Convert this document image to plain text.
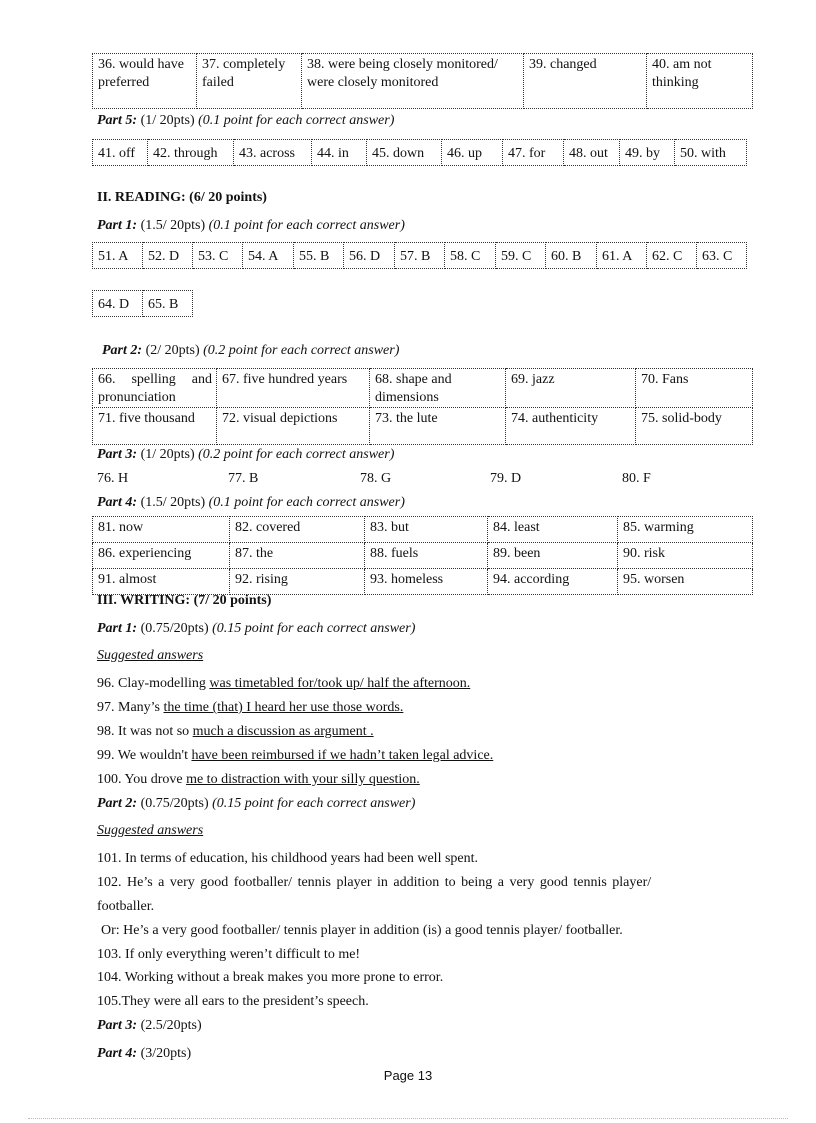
36. would have preferred	37. completely failed	38. were being closely monitored/ were closely monitored	39. changed	40. am not thinking
Part 5: (1/ 20pts) (0.1 point for each correct answer)
41. off	42. through	43. across	44. in	45. down	46. up	47. for	48. out	49. by	50. with
II. READING: (6/ 20 points)
Part 1: (1.5/ 20pts) (0.1 point for each correct answer)
51. A	52. D	53. C	54. A	55. B	56. D	57. B	58. C	59. C	60. B	61. A	62. C	63. C
64. D	65. B
Part 2: (2/ 20pts) (0.2 point for each correct answer)
66. spelling and pronunciation	67. five hundred years	68. shape and dimensions	69. jazz	70. Fans
71. five thousand	72. visual depictions	73. the lute	74. authenticity	75. solid-body
Part 3: (1/ 20pts) (0.2 point for each correct answer)
76. H	77. B	78. G	79. D	80. F
Part 4: (1.5/ 20pts) (0.1 point for each correct answer)
81. now	82. covered	83. but	84. least	85. warming
86. experiencing	87. the	88. fuels	89. been	90. risk
91. almost	92. rising	93. homeless	94. according	95. worsen
III. WRITING: (7/ 20 points)
Part 1: (0.75/20pts) (0.15 point for each correct answer)
Suggested answers
96. Clay-modelling was timetabled for/took up/ half the afternoon.
97. Many’s the time (that) I heard her use those words.
98. It was not so much a discussion as argument .
99. We wouldn't have been reimbursed if we hadn’t taken legal advice.
100. You drove me to distraction with your silly question.
Part 2: (0.75/20pts) (0.15 point for each correct answer)
Suggested answers
101. In terms of education, his childhood years had been well spent.
102. He’s a very good footballer/ tennis player in addition to being a very good tennis player/
footballer.
Or: He’s a very good footballer/ tennis player in addition (is) a good tennis player/ footballer.
103. If only everything weren’t difficult to me!
104. Working without a break makes you more prone to error.
105.They were all ears to the president’s speech.
Part 3: (2.5/20pts)
Part 4: (3/20pts)
Page 13
